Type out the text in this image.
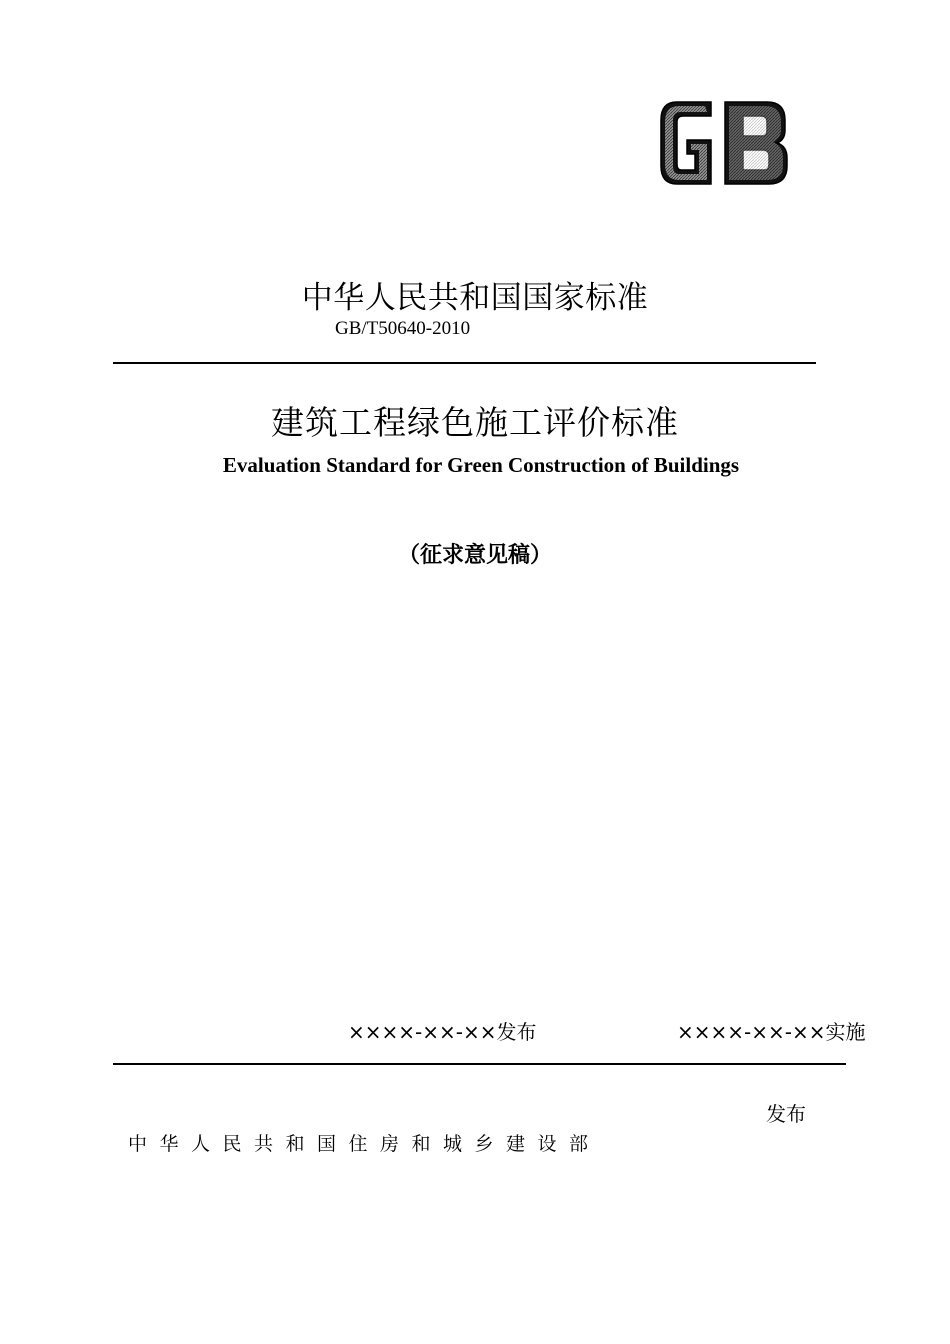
中华人民共和国国家标准
GB/T50640-2010
建筑工程绿色施工评价标准
Evaluation Standard for Green Construction of Buildings
（征求意见稿）
××××-××-××发布	××××-××-××实施
发布
中华人民共和国住房和城乡建设部
